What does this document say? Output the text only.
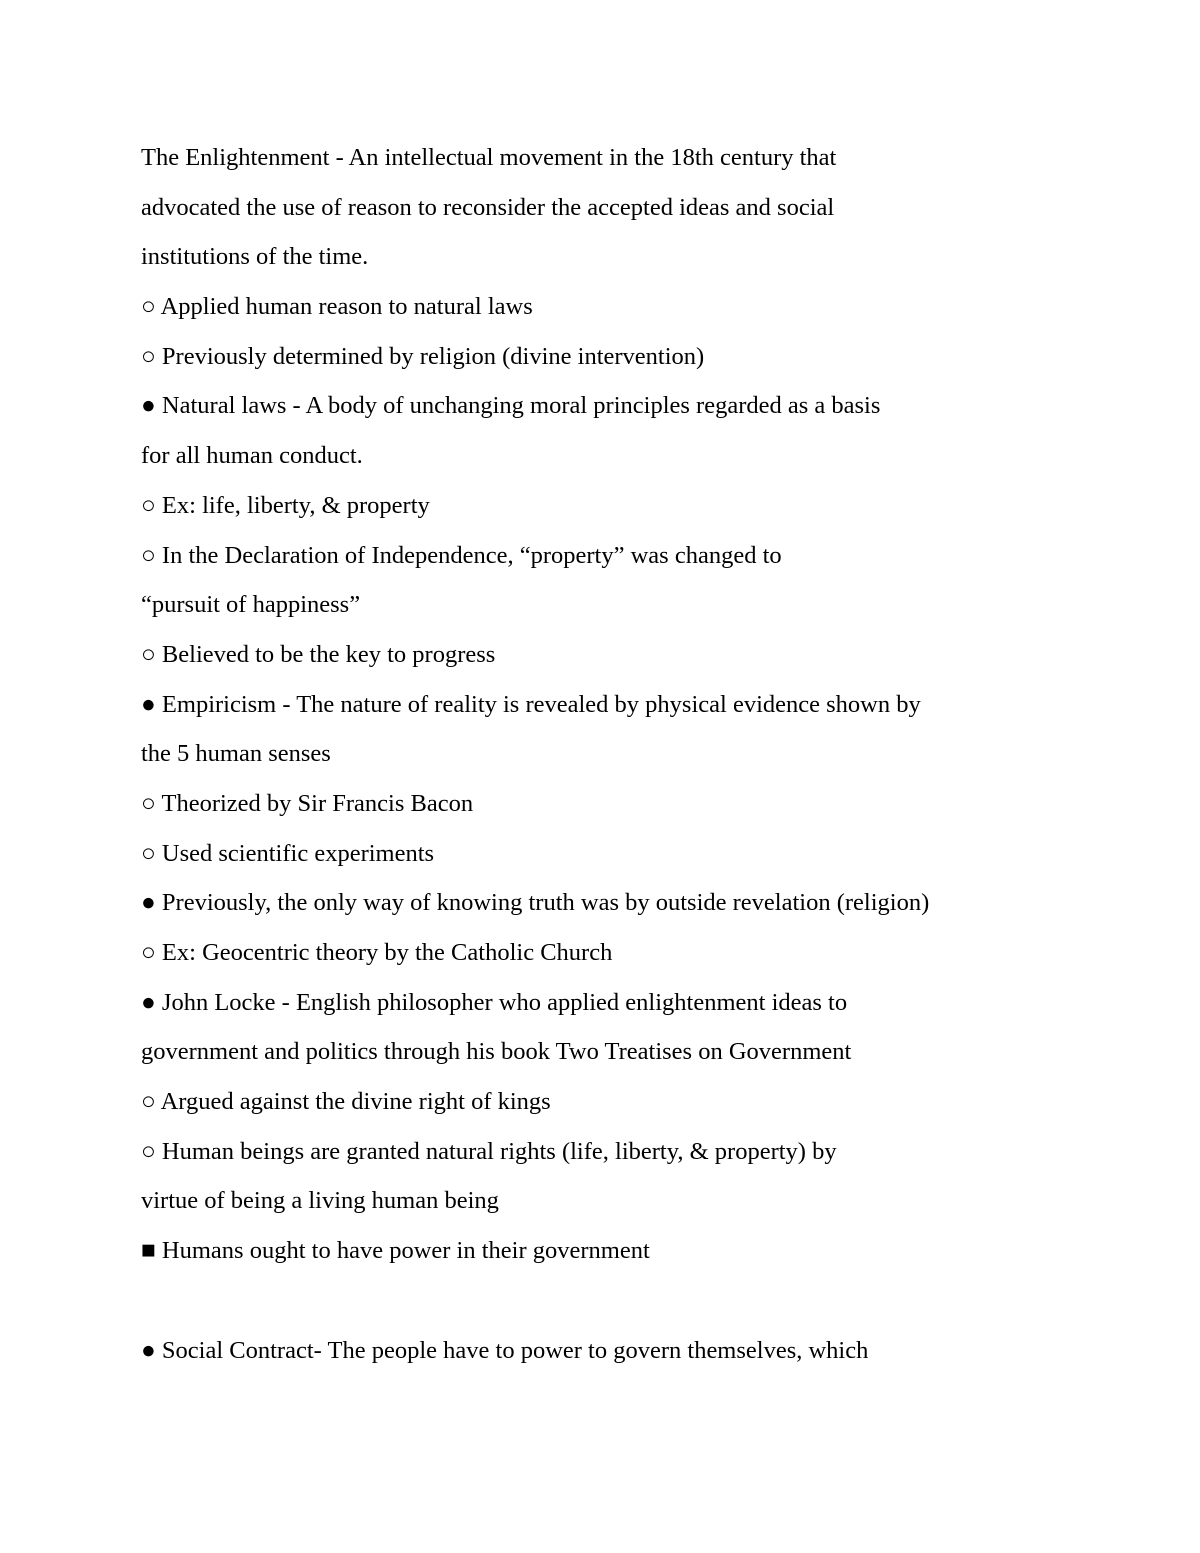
The Enlightenment - An intellectual movement in the 18th century that

advocated the use of reason to reconsider the accepted ideas and social

institutions of the time.

○ Applied human reason to natural laws

○ Previously determined by religion (divine intervention)

● Natural laws - A body of unchanging moral principles regarded as a basis

for all human conduct.

○ Ex: life, liberty, & property

○ In the Declaration of Independence, “property” was changed to

“pursuit of happiness”

○ Believed to be the key to progress

● Empiricism - The nature of reality is revealed by physical evidence shown by

the 5 human senses

○ Theorized by Sir Francis Bacon

○ Used scientific experiments

● Previously, the only way of knowing truth was by outside revelation (religion)

○ Ex: Geocentric theory by the Catholic Church

● John Locke - English philosopher who applied enlightenment ideas to

government and politics through his book Two Treatises on Government

○ Argued against the divine right of kings

○ Human beings are granted natural rights (life, liberty, & property) by

virtue of being a living human being

■ Humans ought to have power in their government

● Social Contract- The people have to power to govern themselves, which
